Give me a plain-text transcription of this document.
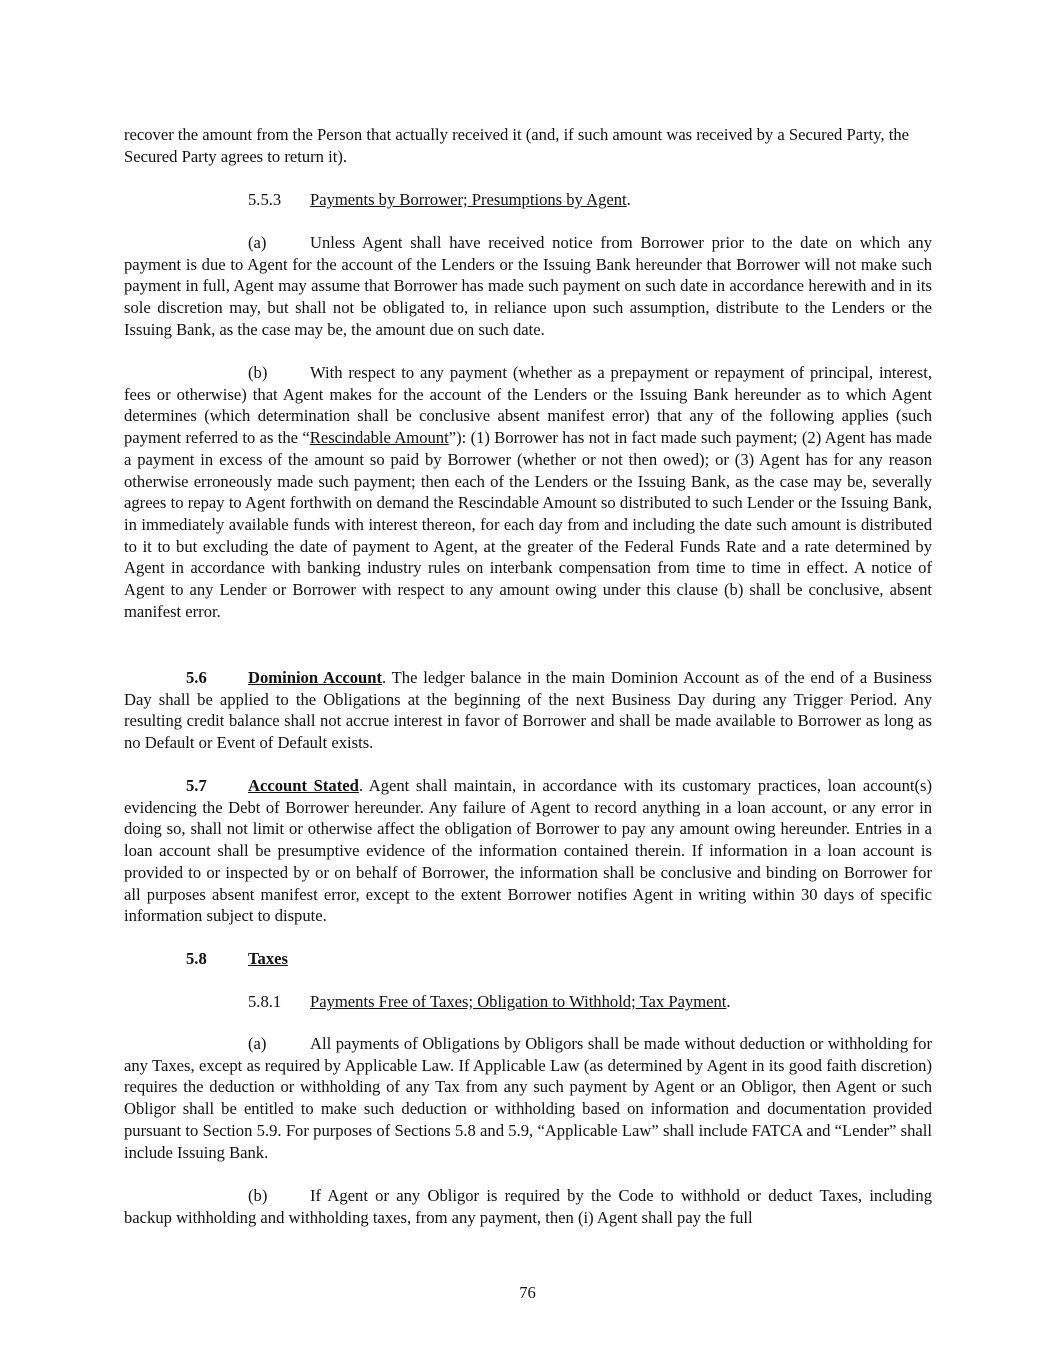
recover the amount from the Person that actually received it (and, if such amount was received by a Secured Party, the Secured Party agrees to return it).

5.5.3 Payments by Borrower; Presumptions by Agent.

(a)	Unless Agent shall have received notice from Borrower prior to the date on which any payment is due to Agent for the account of the Lenders or the Issuing Bank hereunder that Borrower will not make such payment in full, Agent may assume that Borrower has made such payment on such date in accordance herewith and in its sole discretion may, but shall not be obligated to, in reliance upon such assumption, distribute to the Lenders or the Issuing Bank, as the case may be, the amount due on such date.

(b)	With respect to any payment (whether as a prepayment or repayment of principal, interest, fees or otherwise) that Agent makes for the account of the Lenders or the Issuing Bank hereunder as to which Agent determines (which determination shall be conclusive absent manifest error) that any of the following applies (such payment referred to as the “Rescindable Amount”): (1) Borrower has not in fact made such payment; (2) Agent has made a payment in excess of the amount so paid by Borrower (whether or not then owed); or (3) Agent has for any reason otherwise erroneously made such payment; then each of the Lenders or the Issuing Bank, as the case may be, severally agrees to repay to Agent forthwith on demand the Rescindable Amount so distributed to such Lender or the Issuing Bank, in immediately available funds with interest thereon, for each day from and including the date such amount is distributed to it to but excluding the date of payment to Agent, at the greater of the Federal Funds Rate and a rate determined by Agent in accordance with banking industry rules on interbank compensation from time to time in effect. A notice of Agent to any Lender or Borrower with respect to any amount owing under this clause (b) shall be conclusive, absent manifest error.

5.6 Dominion Account. The ledger balance in the main Dominion Account as of the end of a Business Day shall be applied to the Obligations at the beginning of the next Business Day during any Trigger Period. Any resulting credit balance shall not accrue interest in favor of Borrower and shall be made available to Borrower as long as no Default or Event of Default exists.

5.7 Account Stated. Agent shall maintain, in accordance with its customary practices, loan account(s) evidencing the Debt of Borrower hereunder. Any failure of Agent to record anything in a loan account, or any error in doing so, shall not limit or otherwise affect the obligation of Borrower to pay any amount owing hereunder. Entries in a loan account shall be presumptive evidence of the information contained therein. If information in a loan account is provided to or inspected by or on behalf of Borrower, the information shall be conclusive and binding on Borrower for all purposes absent manifest error, except to the extent Borrower notifies Agent in writing within 30 days of specific information subject to dispute.

5.8 Taxes
5.8.1 Payments Free of Taxes; Obligation to Withhold; Tax Payment.

(a)	All payments of Obligations by Obligors shall be made without deduction or withholding for any Taxes, except as required by Applicable Law. If Applicable Law (as determined by Agent in its good faith discretion) requires the deduction or withholding of any Tax from any such payment by Agent or an Obligor, then Agent or such Obligor shall be entitled to make such deduction or withholding based on information and documentation provided pursuant to Section 5.9. For purposes of Sections 5.8 and 5.9, “Applicable Law” shall include FATCA and “Lender” shall include Issuing Bank.

(b)	If Agent or any Obligor is required by the Code to withhold or deduct Taxes, including backup withholding and withholding taxes, from any payment, then (i) Agent shall pay the full

76
